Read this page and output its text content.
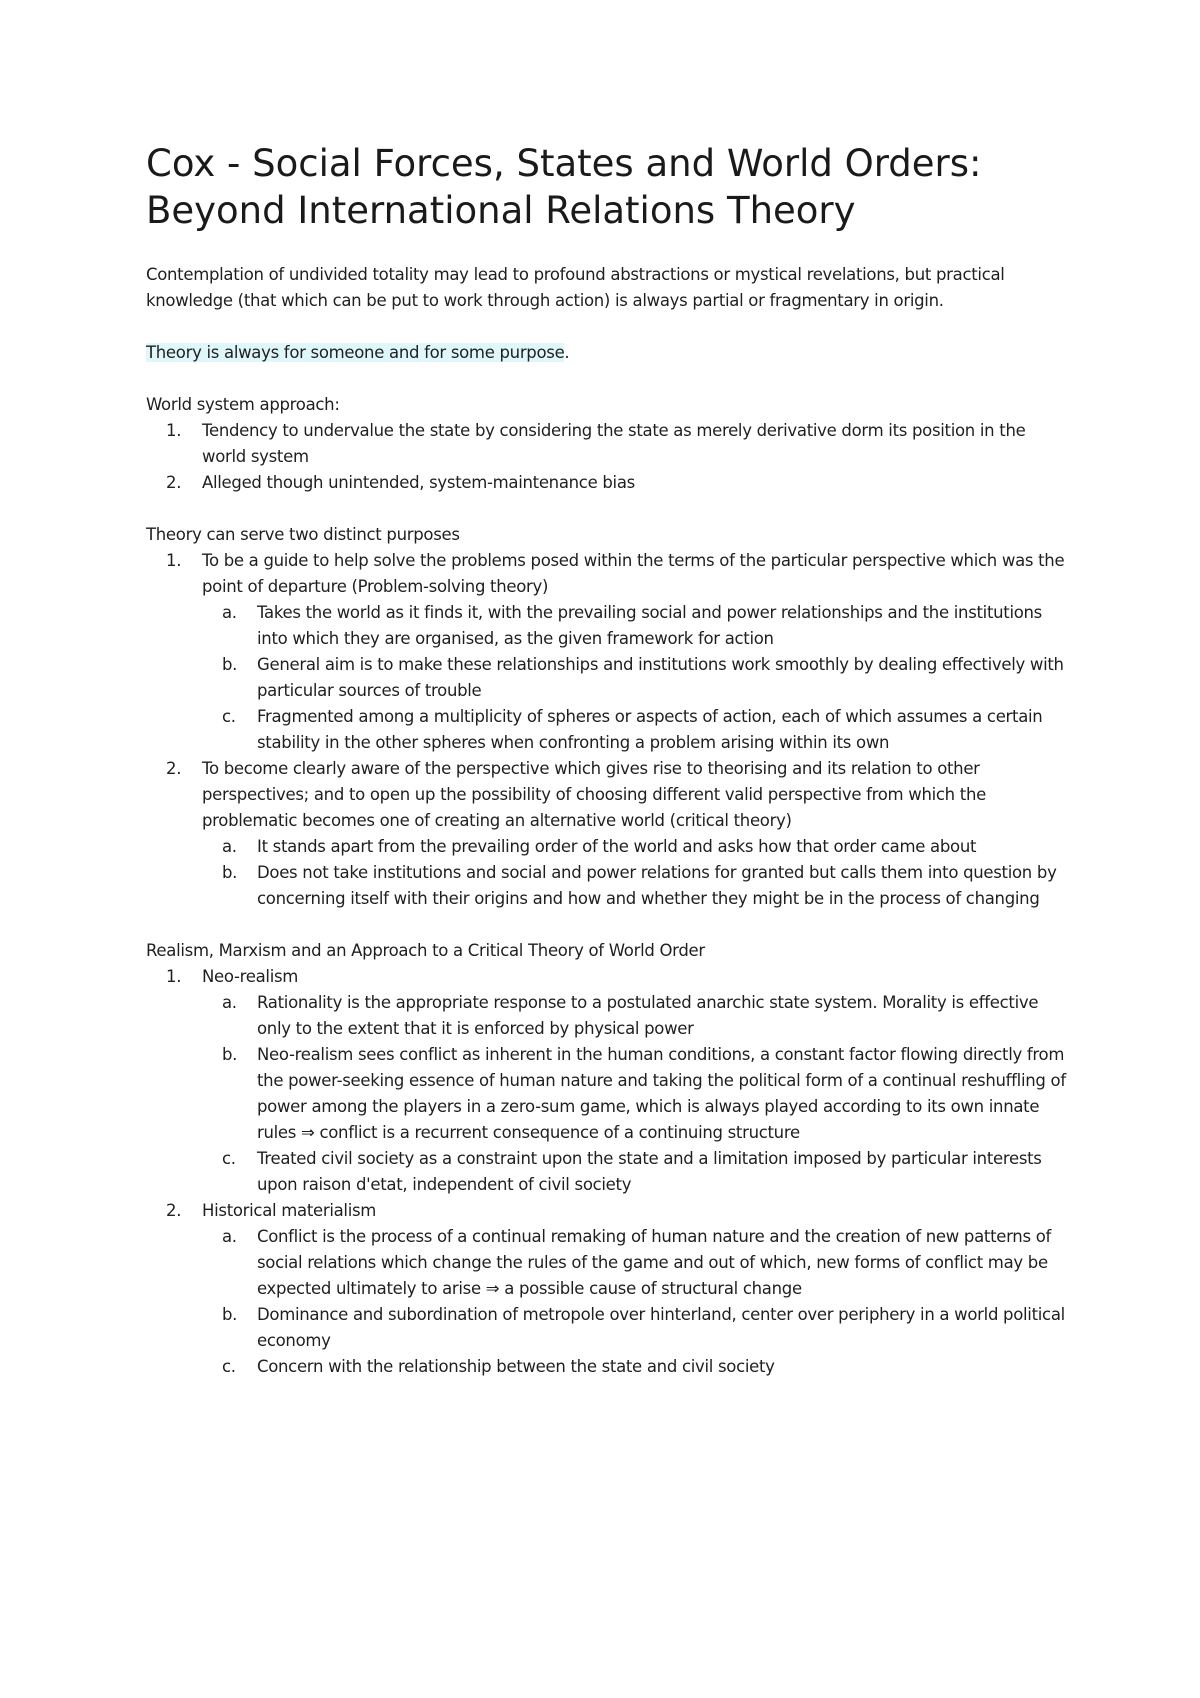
Cox - Social Forces, States and World Orders: Beyond International Relations Theory

Contemplation of undivided totality may lead to profound abstractions or mystical revelations, but practical knowledge (that which can be put to work through action) is always partial or fragmentary in origin.

Theory is always for someone and for some purpose.

World system approach:

1.	Tendency to undervalue the state by considering the state as merely derivative dorm its position in the world system
2.	Alleged though unintended, system-maintenance bias

Theory can serve two distinct purposes

1.	To be a guide to help solve the problems posed within the terms of the particular perspective which was the point of departure (Problem-solving theory)
a.	Takes the world as it finds it, with the prevailing social and power relationships and the institutions into which they are organised, as the given framework for action
b.	General aim is to make these relationships and institutions work smoothly by dealing effectively with particular sources of trouble
c.	Fragmented among a multiplicity of spheres or aspects of action, each of which assumes a certain stability in the other spheres when confronting a problem arising within its own
2.	To become clearly aware of the perspective which gives rise to theorising and its relation to other perspectives; and to open up the possibility of choosing different valid perspective from which the problematic becomes one of creating an alternative world (critical theory)
a.	It stands apart from the prevailing order of the world and asks how that order came about
b.	Does not take institutions and social and power relations for granted but calls them into question by concerning itself with their origins and how and whether they might be in the process of changing

Realism, Marxism and an Approach to a Critical Theory of World Order

1.	Neo-realism
a.	Rationality is the appropriate response to a postulated anarchic state system. Morality is effective only to the extent that it is enforced by physical power
b.	Neo-realism sees conflict as inherent in the human conditions, a constant factor flowing directly from the power-seeking essence of human nature and taking the political form of a continual reshuffling of power among the players in a zero-sum game, which is always played according to its own innate rules ⇒ conflict is a recurrent consequence of a continuing structure
c.	Treated civil society as a constraint upon the state and a limitation imposed by particular interests upon raison d'etat, independent of civil society
2.	Historical materialism
a.	Conflict is the process of a continual remaking of human nature and the creation of new patterns of social relations which change the rules of the game and out of which, new forms of conflict may be expected ultimately to arise ⇒ a possible cause of structural change
b.	Dominance and subordination of metropole over hinterland, center over periphery in a world political economy
c.	Concern with the relationship between the state and civil society
